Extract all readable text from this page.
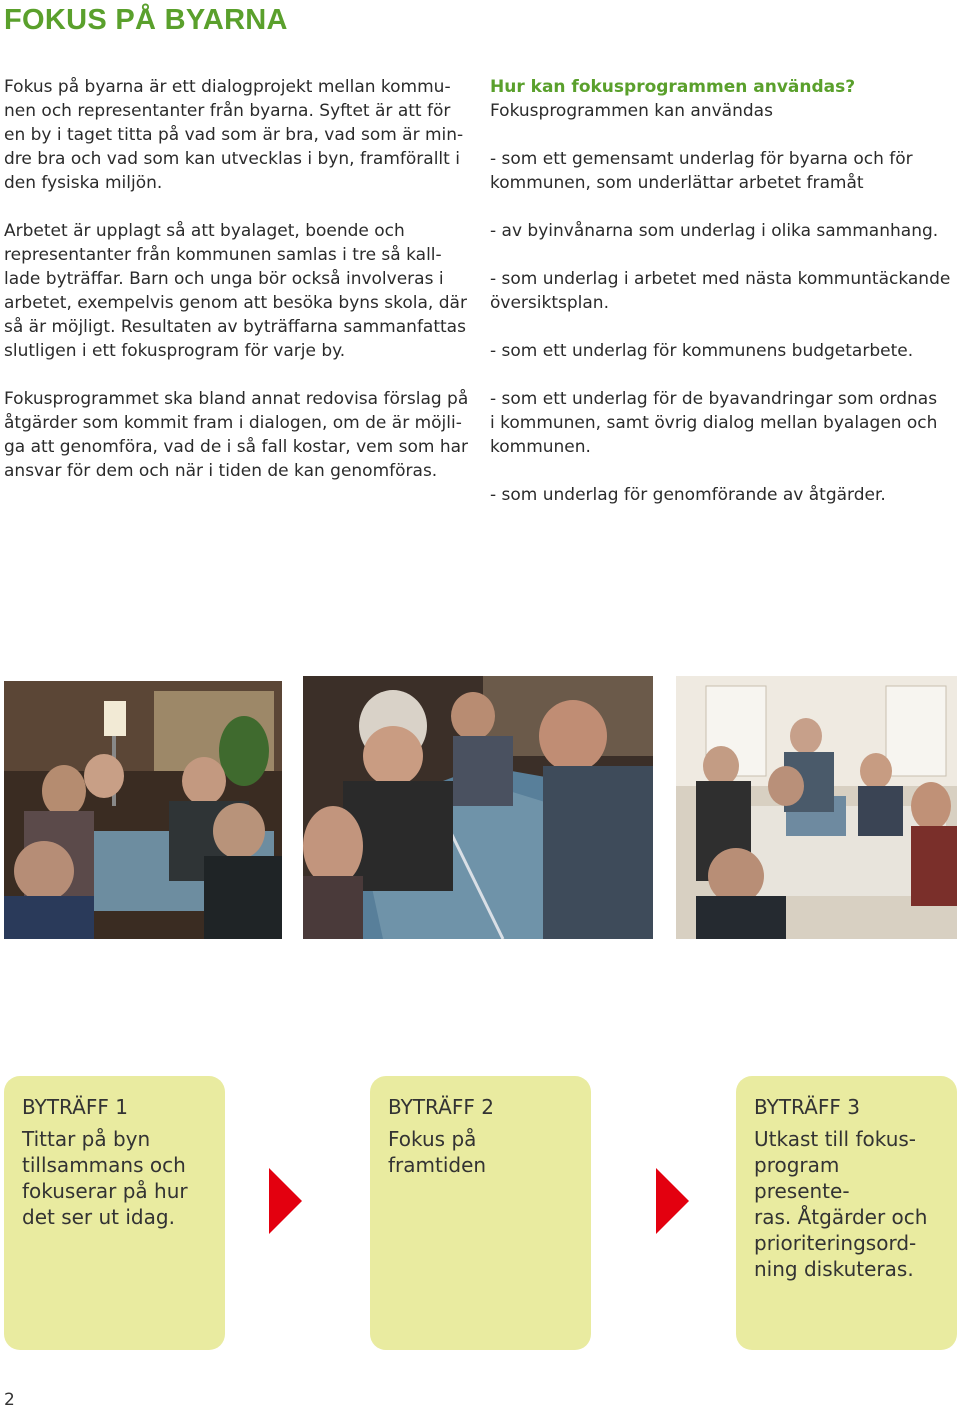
FOKUS PÅ BYARNA

Fokus på byarna är ett dialogprojekt mellan kommu-
nen och representanter från byarna. Syftet är att för
en by i taget titta på vad som är bra, vad som är min-
dre bra och vad som kan utvecklas i byn, framförallt i
den fysiska miljön.

Arbetet är upplagt så att byalaget, boende och
representanter från kommunen samlas i tre så kall-
lade byträffar. Barn och unga bör också involveras i
arbetet, exempelvis genom att besöka byns skola, där
så är möjligt. Resultaten av byträffarna sammanfattas
slutligen i ett fokusprogram för varje by.

Fokusprogrammet ska bland annat redovisa förslag på
åtgärder som kommit fram i dialogen, om de är möjli-
ga att genomföra, vad de i så fall kostar, vem som har
ansvar för dem och när i tiden de kan genomföras.

Hur kan fokusprogrammen användas?

Fokusprogrammen kan användas

- som ett gemensamt underlag för byarna och för
kommunen, som underlättar arbetet framåt

- av byinvånarna som underlag i olika sammanhang.

- som underlag i arbetet med nästa kommuntäckande
översiktsplan.

- som ett underlag för kommunens budgetarbete.

- som ett underlag för de byavandringar som ordnas
i kommunen, samt övrig dialog mellan byalagen och
kommunen.

- som underlag för genomförande av åtgärder.

BYTRÄFF 1

Tittar på byn
tillsammans och
fokuserar på hur
det ser ut idag.

BYTRÄFF 2

Fokus på framtiden

BYTRÄFF 3

Utkast till fokus-
program presente-
ras. Åtgärder och
prioriteringsord-
ning diskuteras.

2
